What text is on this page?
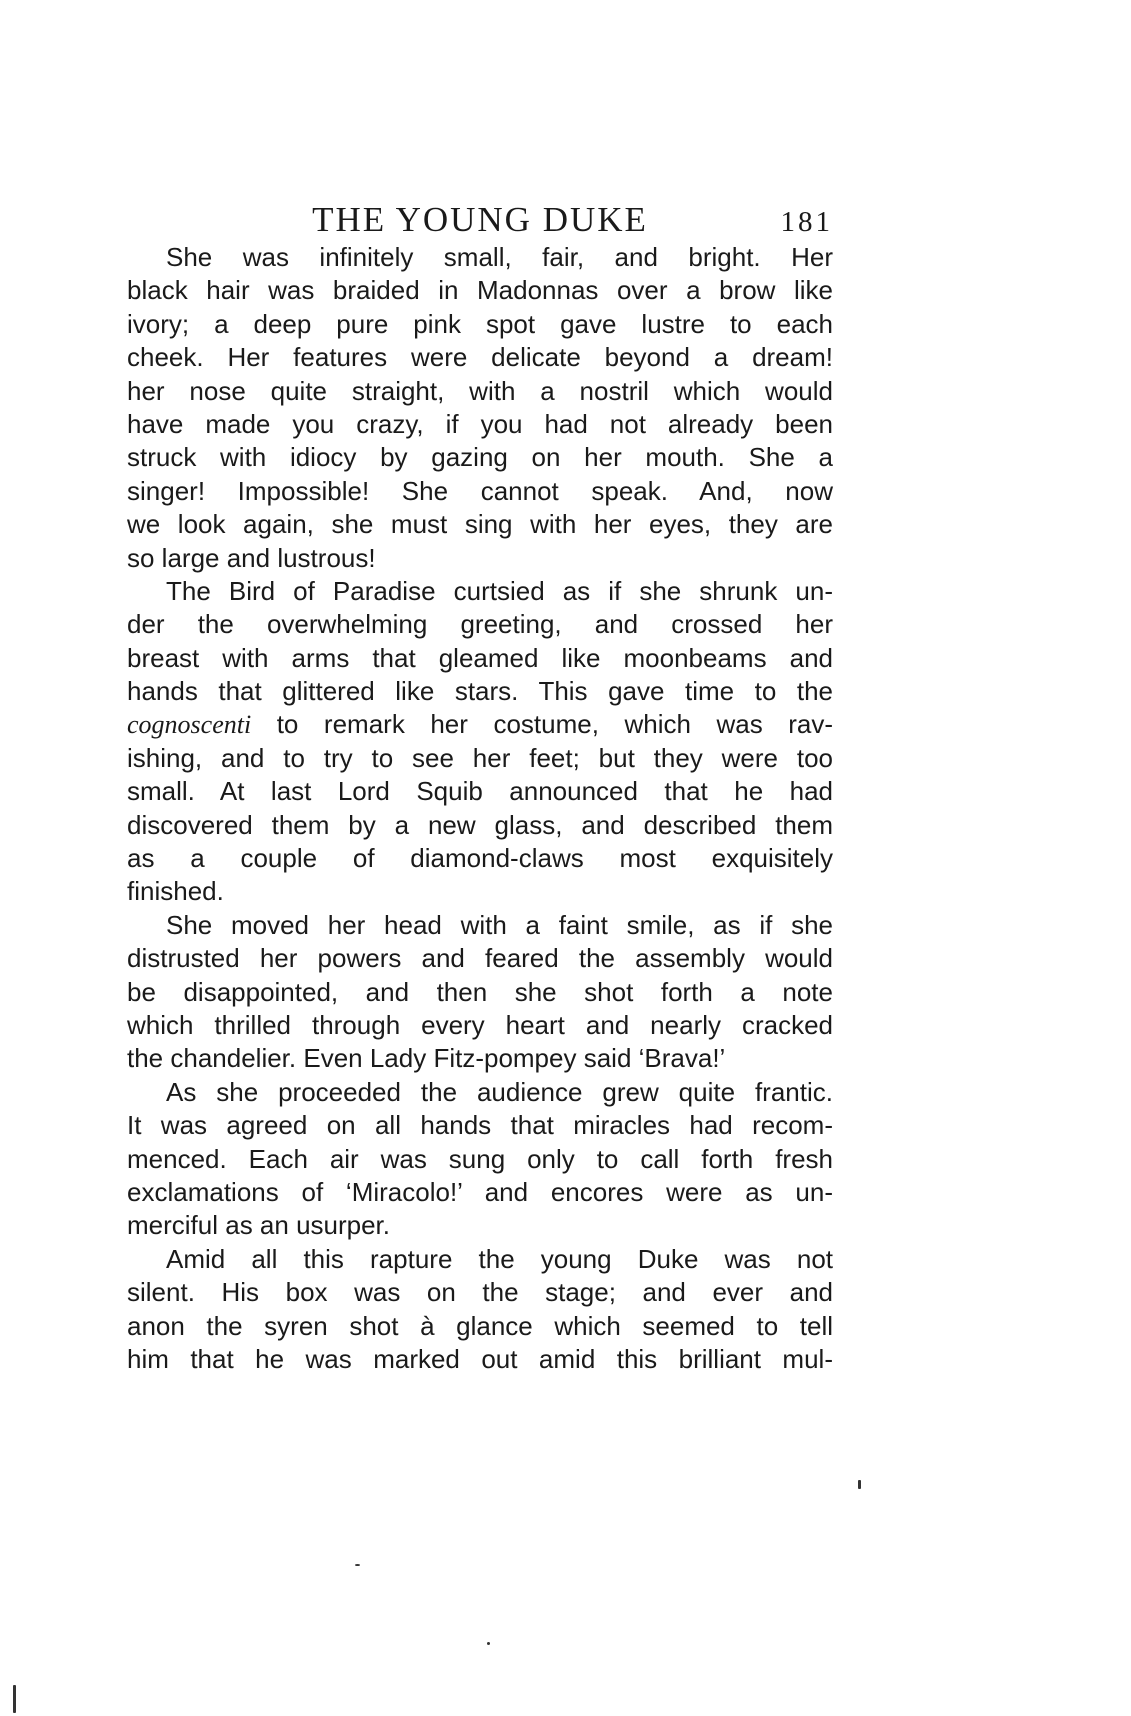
THE YOUNG DUKE	181
She was infinitely small, fair, and bright. Her
black hair was braided in Madonnas over a brow like
ivory; a deep pure pink spot gave lustre to each
cheek. Her features were delicate beyond a dream!
her nose quite straight, with a nostril which would
have made you crazy, if you had not already been
struck with idiocy by gazing on her mouth. She a
singer! Impossible! She cannot speak. And, now
we look again, she must sing with her eyes, they are
so large and lustrous!
The Bird of Paradise curtsied as if she shrunk un-
der the overwhelming greeting, and crossed her
breast with arms that gleamed like moonbeams and
hands that glittered like stars. This gave time to the
cognoscenti to remark her costume, which was rav-
ishing, and to try to see her feet; but they were too
small. At last Lord Squib announced that he had
discovered them by a new glass, and described them
as a couple of diamond-claws most exquisitely
finished.
She moved her head with a faint smile, as if she
distrusted her powers and feared the assembly would
be disappointed, and then she shot forth a note
which thrilled through every heart and nearly cracked
the chandelier. Even Lady Fitz-pompey said ‘Brava!’
As she proceeded the audience grew quite frantic.
It was agreed on all hands that miracles had recom-
menced. Each air was sung only to call forth fresh
exclamations of ‘Miracolo!’ and encores were as un-
merciful as an usurper.
Amid all this rapture the young Duke was not
silent. His box was on the stage; and ever and
anon the syren shot à glance which seemed to tell
him that he was marked out amid this brilliant mul-
